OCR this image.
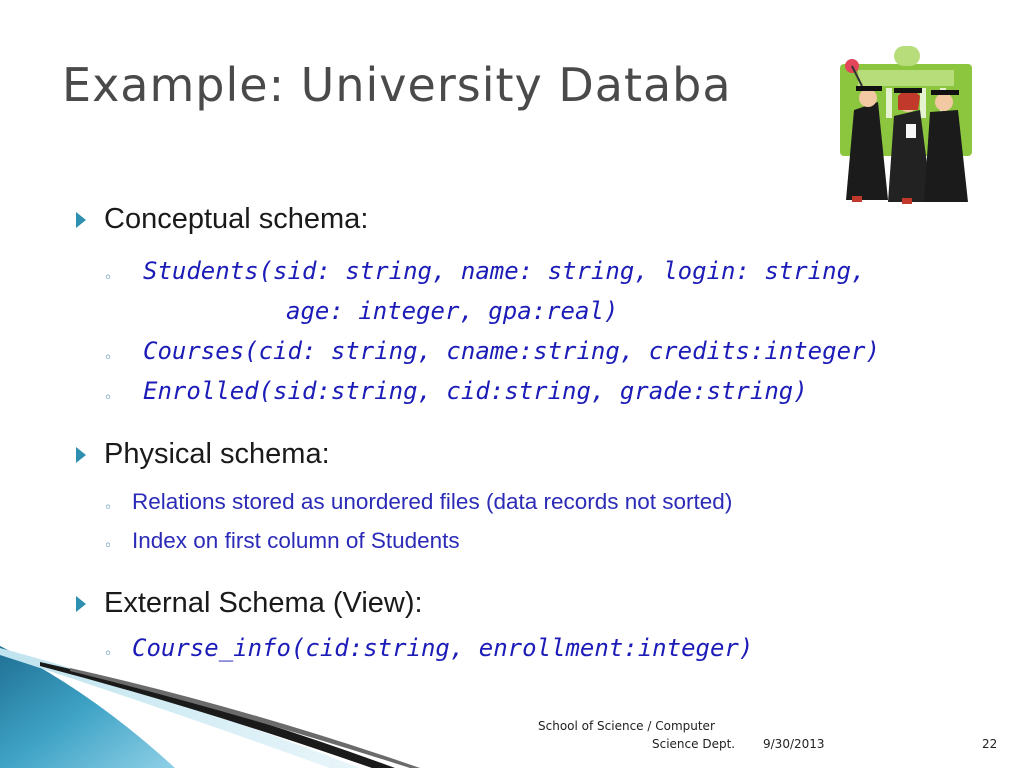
Example: University Databa
Conceptual schema:
◦ Students(sid: string, name: string, login: string,
age: integer, gpa:real)
◦ Courses(cid: string, cname:string, credits:integer)
◦ Enrolled(sid:string, cid:string, grade:string)
Physical schema:
◦ Relations stored as unordered files (data records not sorted)
◦ Index on first column of Students
External Schema (View):
◦ Course_info(cid:string, enrollment:integer)
School of Science / Computer
Science Dept. 9/30/2013	22
